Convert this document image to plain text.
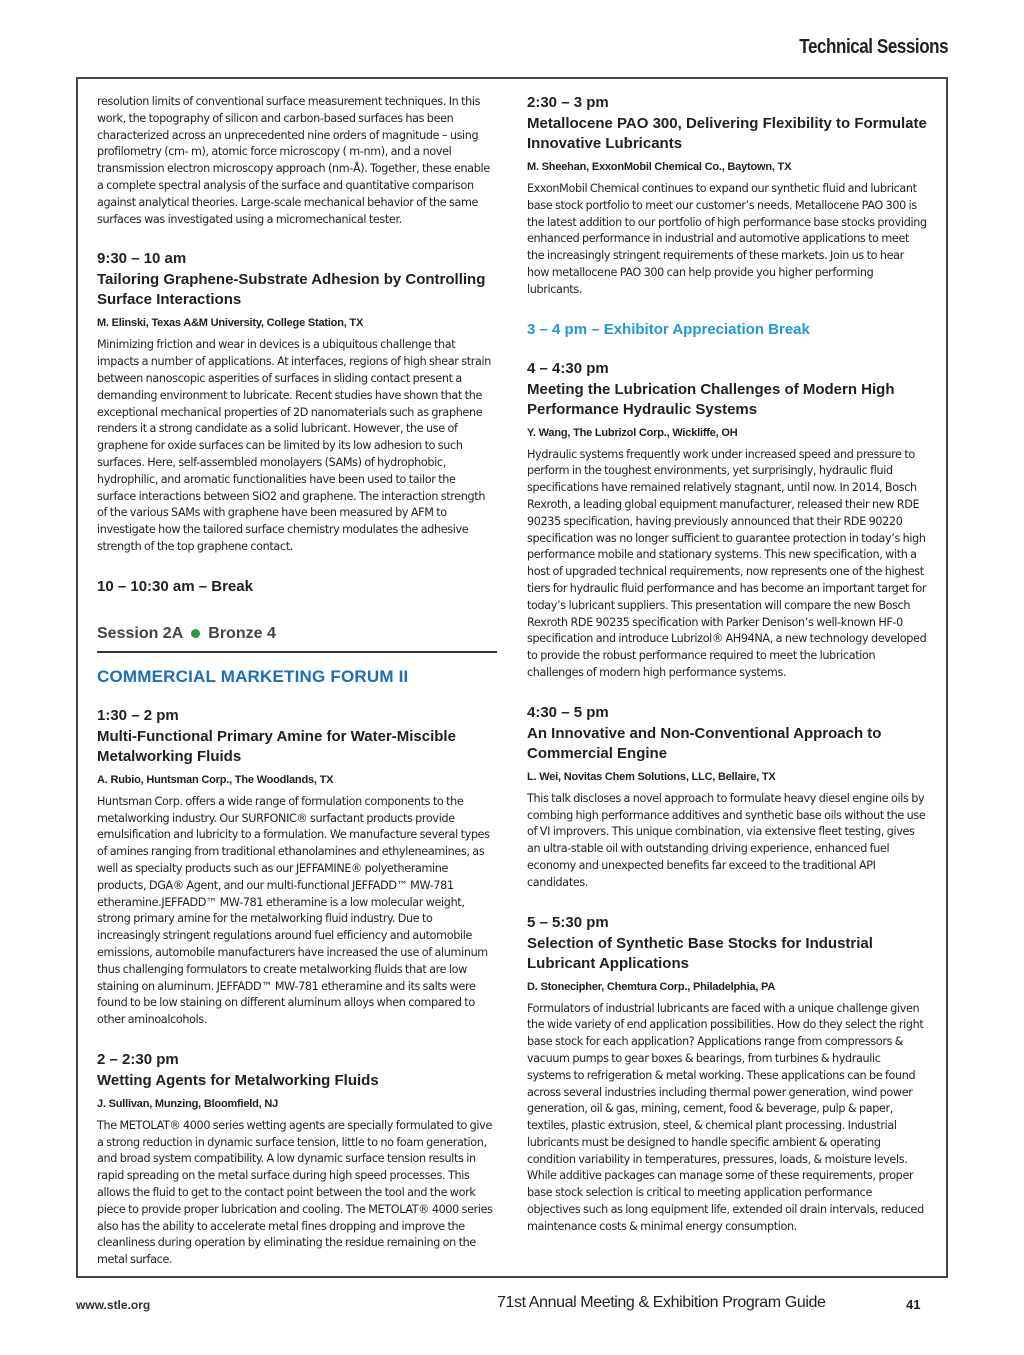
Technical Sessions

resolution limits of conventional surface measurement techniques. In this work, the topography of silicon and carbon-based surfaces has been characterized across an unprecedented nine orders of magnitude – using profilometry (cm- m), atomic force microscopy ( m-nm), and a novel transmission electron microscopy approach (nm-Å). Together, these enable a complete spectral analysis of the surface and quantitative comparison against analytical theories. Large-scale mechanical behavior of the same surfaces was investigated using a micromechanical tester.

9:30 – 10 am
Tailoring Graphene-Substrate Adhesion by Controlling Surface Interactions
M. Elinski, Texas A&M University, College Station, TX

Minimizing friction and wear in devices is a ubiquitous challenge that impacts a number of applications. At interfaces, regions of high shear strain between nanoscopic asperities of surfaces in sliding contact present a demanding environment to lubricate. Recent studies have shown that the exceptional mechanical properties of 2D nanomaterials such as graphene renders it a strong candidate as a solid lubricant. However, the use of graphene for oxide surfaces can be limited by its low adhesion to such surfaces. Here, self-assembled monolayers (SAMs) of hydrophobic, hydrophilic, and aromatic functionalities have been used to tailor the surface interactions between SiO2 and graphene. The interaction strength of the various SAMs with graphene have been measured by AFM to investigate how the tailored surface chemistry modulates the adhesive strength of the top graphene contact.

10 – 10:30 am – Break
Session 2A Bronze 4
COMMERCIAL MARKETING FORUM II
1:30 – 2 pm
Multi-Functional Primary Amine for Water-Miscible Metalworking Fluids
A. Rubio, Huntsman Corp., The Woodlands, TX

Huntsman Corp. offers a wide range of formulation components to the metalworking industry. Our SURFONIC® surfactant products provide emulsification and lubricity to a formulation. We manufacture several types of amines ranging from traditional ethanolamines and ethyleneamines, as well as specialty products such as our JEFFAMINE® polyetheramine products, DGA® Agent, and our multi-functional JEFFADD™ MW-781 etheramine.JEFFADD™ MW-781 etheramine is a low molecular weight, strong primary amine for the metalworking fluid industry. Due to increasingly stringent regulations around fuel efficiency and automobile emissions, automobile manufacturers have increased the use of aluminum thus challenging formulators to create metalworking fluids that are low staining on aluminum. JEFFADD™ MW-781 etheramine and its salts were found to be low staining on different aluminum alloys when compared to other aminoalcohols.

2 – 2:30 pm
Wetting Agents for Metalworking Fluids
J. Sullivan, Munzing, Bloomfield, NJ

The METOLAT® 4000 series wetting agents are specially formulated to give a strong reduction in dynamic surface tension, little to no foam generation, and broad system compatibility. A low dynamic surface tension results in rapid spreading on the metal surface during high speed processes. This allows the fluid to get to the contact point between the tool and the work piece to provide proper lubrication and cooling. The METOLAT® 4000 series also has the ability to accelerate metal fines dropping and improve the cleanliness during operation by eliminating the residue remaining on the metal surface.

2:30 – 3 pm
Metallocene PAO 300, Delivering Flexibility to Formulate Innovative Lubricants
M. Sheehan, ExxonMobil Chemical Co., Baytown, TX

ExxonMobil Chemical continues to expand our synthetic fluid and lubricant base stock portfolio to meet our customer’s needs. Metallocene PAO 300 is the latest addition to our portfolio of high performance base stocks providing enhanced performance in industrial and automotive applications to meet the increasingly stringent requirements of these markets. Join us to hear how metallocene PAO 300 can help provide you higher performing lubricants.

3 – 4 pm – Exhibitor Appreciation Break
4 – 4:30 pm
Meeting the Lubrication Challenges of Modern High Performance Hydraulic Systems
Y. Wang, The Lubrizol Corp., Wickliffe, OH

Hydraulic systems frequently work under increased speed and pressure to perform in the toughest environments, yet surprisingly, hydraulic fluid specifications have remained relatively stagnant, until now. In 2014, Bosch Rexroth, a leading global equipment manufacturer, released their new RDE 90235 specification, having previously announced that their RDE 90220 specification was no longer sufficient to guarantee protection in today’s high performance mobile and stationary systems. This new specification, with a host of upgraded technical requirements, now represents one of the highest tiers for hydraulic fluid performance and has become an important target for today’s lubricant suppliers. This presentation will compare the new Bosch Rexroth RDE 90235 specification with Parker Denison’s well-known HF-0 specification and introduce Lubrizol® AH94NA, a new technology developed to provide the robust performance required to meet the lubrication challenges of modern high performance systems.

4:30 – 5 pm
An Innovative and Non-Conventional Approach to Commercial Engine
L. Wei, Novitas Chem Solutions, LLC, Bellaire, TX

This talk discloses a novel approach to formulate heavy diesel engine oils by combing high performance additives and synthetic base oils without the use of VI improvers. This unique combination, via extensive fleet testing, gives an ultra-stable oil with outstanding driving experience, enhanced fuel economy and unexpected benefits far exceed to the traditional API candidates.

5 – 5:30 pm
Selection of Synthetic Base Stocks for Industrial Lubricant Applications
D. Stonecipher, Chemtura Corp., Philadelphia, PA

Formulators of industrial lubricants are faced with a unique challenge given the wide variety of end application possibilities. How do they select the right base stock for each application? Applications range from compressors & vacuum pumps to gear boxes & bearings, from turbines & hydraulic systems to refrigeration & metal working. These applications can be found across several industries including thermal power generation, wind power generation, oil & gas, mining, cement, food & beverage, pulp & paper, textiles, plastic extrusion, steel, & chemical plant processing. Industrial lubricants must be designed to handle specific ambient & operating condition variability in temperatures, pressures, loads, & moisture levels. While additive packages can manage some of these requirements, proper base stock selection is critical to meeting application performance objectives such as long equipment life, extended oil drain intervals, reduced maintenance costs & minimal energy consumption.

www.stle.org	71st Annual Meeting & Exhibition Program Guide	41
